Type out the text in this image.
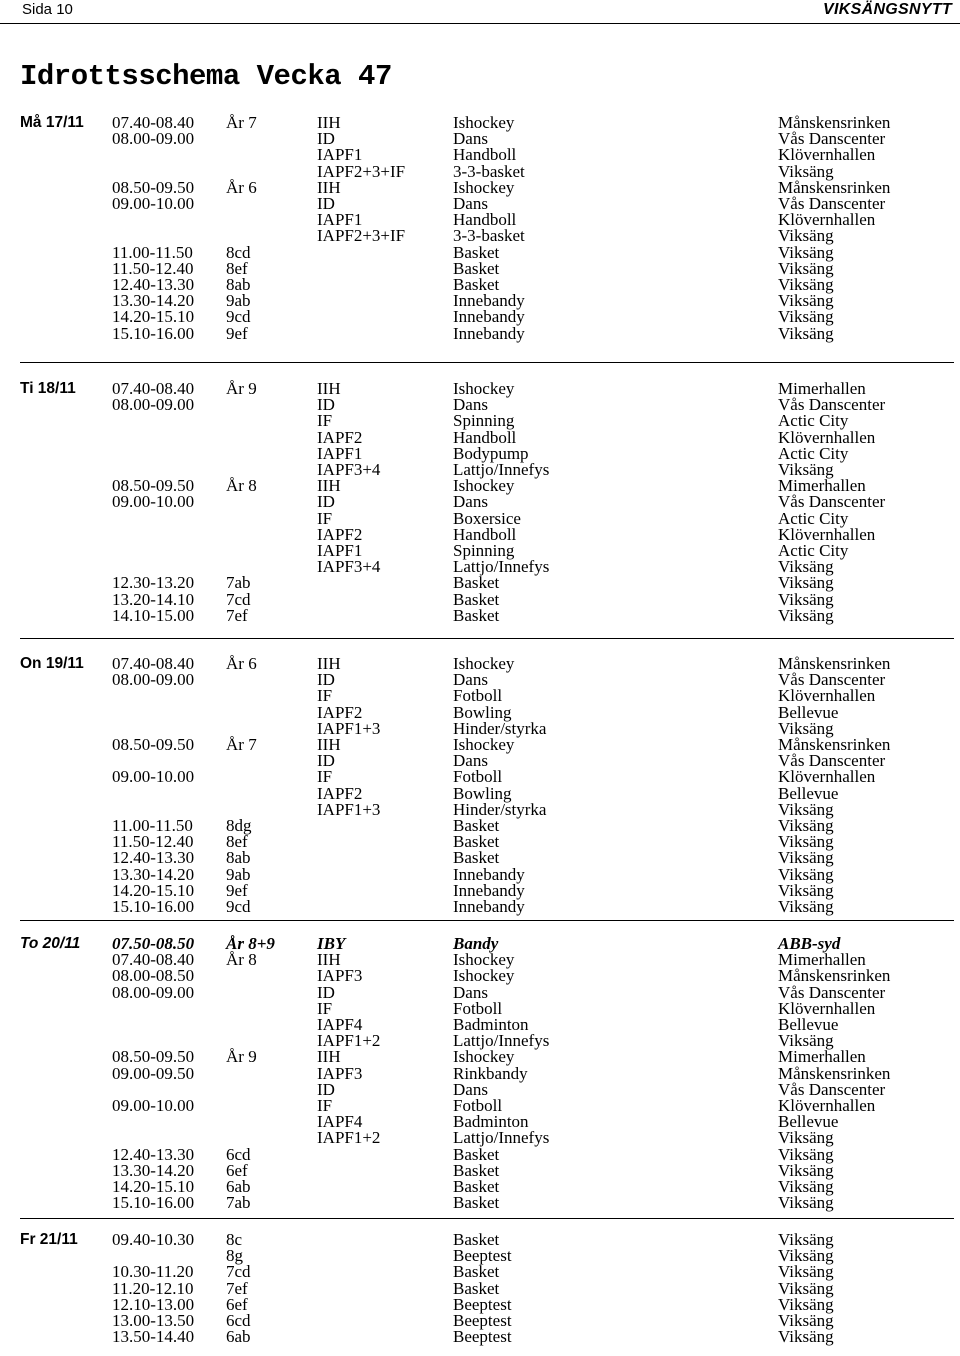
Sida 10	VIKSÄNGSNYTT
Idrottsschema Vecka 47
Må 17/11 07.40-08.40 År 7	IIH	Ishockey	Månskensrinken
08.00-09.00	ID	Dans	Vås Danscenter
IAPF1	Handboll	Klövernhallen
IAPF2+3+IF	3-3-basket	Viksäng
08.50-09.50 År 6	IIH	Ishockey	Månskensrinken
09.00-10.00	ID	Dans	Vås Danscenter
IAPF1	Handboll	Klövernhallen
IAPF2+3+IF	3-3-basket	Viksäng
11.00-11.50 8cd	Basket	Viksäng
11.50-12.40 8ef	Basket	Viksäng
12.40-13.30 8ab	Basket	Viksäng
13.30-14.20 9ab	Innebandy	Viksäng
14.20-15.10 9cd	Innebandy	Viksäng
15.10-16.00 9ef	Innebandy	Viksäng
Ti 18/11 07.40-08.40 År 9	IIH	Ishockey	Mimerhallen
08.00-09.00	ID	Dans	Vås Danscenter
IF	Spinning	Actic City
IAPF2	Handboll	Klövernhallen
IAPF1	Bodypump	Actic City
IAPF3+4	Lattjo/Innefys	Viksäng
08.50-09.50 År 8	IIH	Ishockey	Mimerhallen
09.00-10.00	ID	Dans	Vås Danscenter
IF	Boxersice	Actic City
IAPF2	Handboll	Klövernhallen
IAPF1	Spinning	Actic City
IAPF3+4	Lattjo/Innefys	Viksäng
12.30-13.20 7ab	Basket	Viksäng
13.20-14.10 7cd	Basket	Viksäng
14.10-15.00 7ef	Basket	Viksäng
On 19/11 07.40-08.40 År 6	IIH	Ishockey	Månskensrinken
08.00-09.00	ID	Dans	Vås Danscenter
IF	Fotboll	Klövernhallen
IAPF2	Bowling	Bellevue
IAPF1+3	Hinder/styrka	Viksäng
08.50-09.50 År 7	IIH	Ishockey	Månskensrinken
ID	Dans	Vås Danscenter
09.00-10.00	IF	Fotboll	Klövernhallen
IAPF2	Bowling	Bellevue
IAPF1+3	Hinder/styrka	Viksäng
11.00-11.50 8dg	Basket	Viksäng
11.50-12.40 8ef	Basket	Viksäng
12.40-13.30 8ab	Basket	Viksäng
13.30-14.20 9ab	Innebandy	Viksäng
14.20-15.10 9ef	Innebandy	Viksäng
15.10-16.00 9cd	Innebandy	Viksäng
To 20/11 07.50-08.50 År 8+9 IBY	Bandy	ABB-syd
07.40-08.40 År 8	IIH	Ishockey	Mimerhallen
08.00-08.50	IAPF3	Ishockey	Månskensrinken
08.00-09.00	ID	Dans	Vås Danscenter
IF	Fotboll	Klövernhallen
IAPF4	Badminton	Bellevue
IAPF1+2	Lattjo/Innefys	Viksäng
08.50-09.50 År 9	IIH	Ishockey	Mimerhallen
09.00-09.50	IAPF3	Rinkbandy	Månskensrinken
ID	Dans	Vås Danscenter
09.00-10.00	IF	Fotboll	Klövernhallen
IAPF4	Badminton	Bellevue
IAPF1+2	Lattjo/Innefys	Viksäng
12.40-13.30 6cd	Basket	Viksäng
13.30-14.20 6ef	Basket	Viksäng
14.20-15.10 6ab	Basket	Viksäng
15.10-16.00 7ab	Basket	Viksäng
Fr 21/11 09.40-10.30 8c	Basket	Viksäng
8g	Beeptest	Viksäng
10.30-11.20 7cd	Basket	Viksäng
11.20-12.10 7ef	Basket	Viksäng
12.10-13.00 6ef	Beeptest	Viksäng
13.00-13.50 6cd	Beeptest	Viksäng
13.50-14.40 6ab	Beeptest	Viksäng
